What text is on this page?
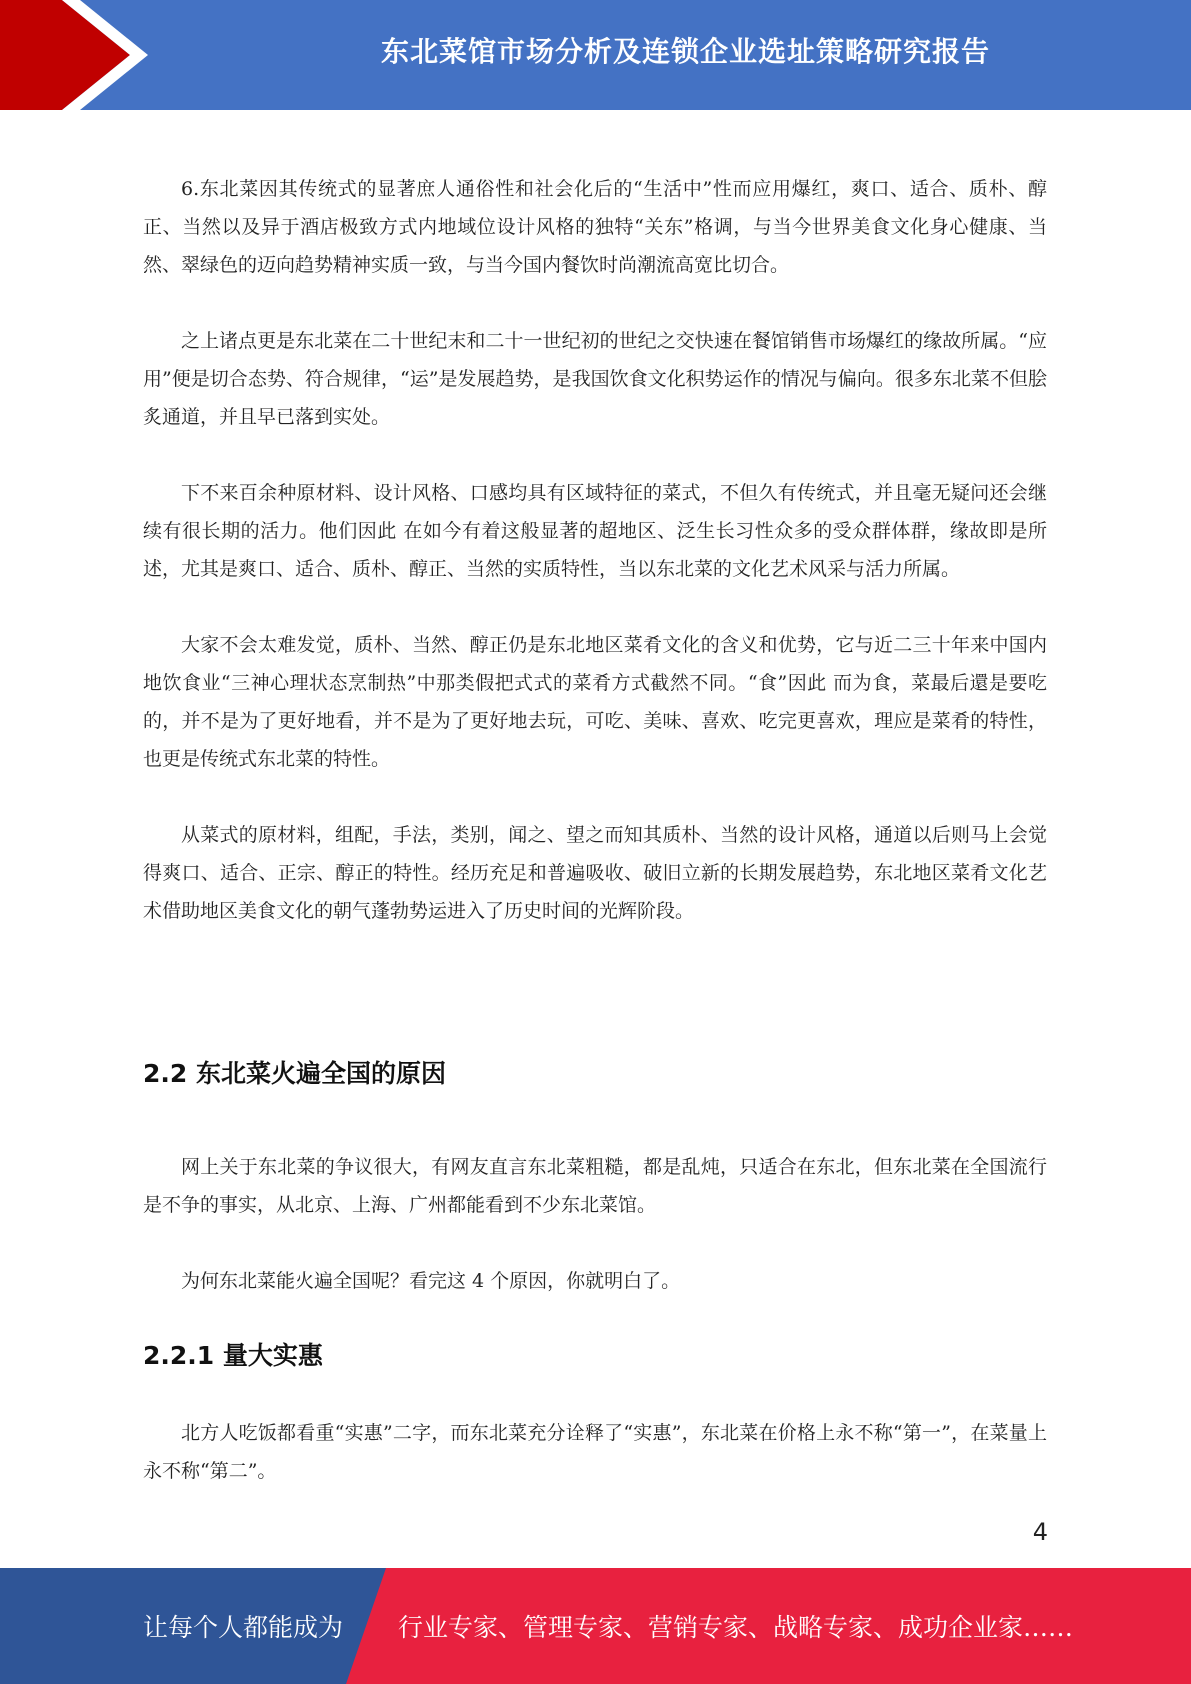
东北菜馆市场分析及连锁企业选址策略研究报告

6.东北菜因其传统式的显著庶人通俗性和社会化后的“生活中”性而应用爆红，爽口、适合、质朴、醇正、当然以及异于酒店极致方式内地域位设计风格的独特“关东”格调，与当今世界美食文化身心健康、当然、翠绿色的迈向趋势精神实质一致，与当今国内餐饮时尚潮流高宽比切合。

之上诸点更是东北菜在二十世纪末和二十一世纪初的世纪之交快速在餐馆销售市场爆红的缘故所属。“应用”便是切合态势、符合规律，“运”是发展趋势，是我国饮食文化积势运作的情况与偏向。很多东北菜不但脍炙通道，并且早已落到实处。

下不来百余种原材料、设计风格、口感均具有区域特征的菜式，不但久有传统式，并且毫无疑问还会继续有很长期的活力。他们因此 在如今有着这般显著的超地区、泛生长习性众多的受众群体群，缘故即是所述，尤其是爽口、适合、质朴、醇正、当然的实质特性，当以东北菜的文化艺术风采与活力所属。

大家不会太难发觉，质朴、当然、醇正仍是东北地区菜肴文化的含义和优势，它与近二三十年来中国内地饮食业“三神心理状态烹制热”中那类假把式式的菜肴方式截然不同。“食”因此 而为食，菜最后還是要吃的，并不是为了更好地看，并不是为了更好地去玩，可吃、美味、喜欢、吃完更喜欢，理应是菜肴的特性，也更是传统式东北菜的特性。

从菜式的原材料，组配，手法，类别，闻之、望之而知其质朴、当然的设计风格，通道以后则马上会觉得爽口、适合、正宗、醇正的特性。经历充足和普遍吸收、破旧立新的长期发展趋势，东北地区菜肴文化艺术借助地区美食文化的朝气蓬勃势运进入了历史时间的光辉阶段。

2.2 东北菜火遍全国的原因

网上关于东北菜的争议很大，有网友直言东北菜粗糙，都是乱炖，只适合在东北，但东北菜在全国流行是不争的事实，从北京、上海、广州都能看到不少东北菜馆。

为何东北菜能火遍全国呢？看完这 4 个原因，你就明白了。

2.2.1 量大实惠

北方人吃饭都看重“实惠”二字，而东北菜充分诠释了“实惠”，东北菜在价格上永不称“第一”，在菜量上永不称“第二”。

4
让每个人都能成为 行业专家、管理专家、营销专家、战略专家、成功企业家……
